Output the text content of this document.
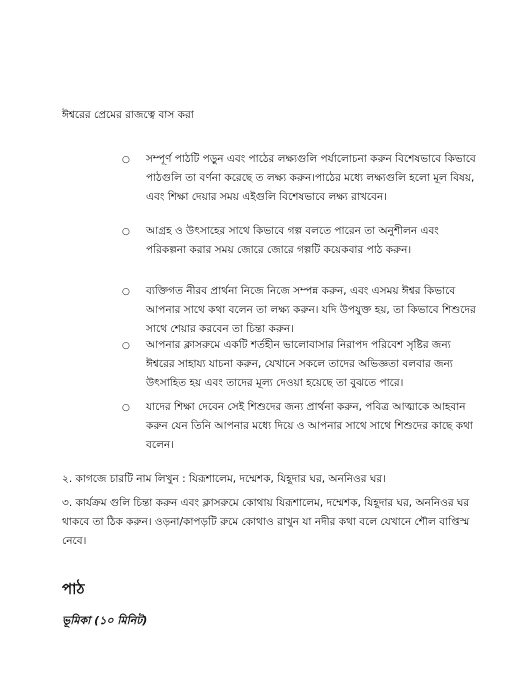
ঈশ্বরের প্রেমের রাজত্বে বাস করা
○ সম্পূর্ণ পাঠটি পড়ুন এবং পাঠের লক্ষ্যগুলি পর্যালোচনা করুন বিশেষভাবে কিভাবে পাঠগুলি তা বর্ণনা করেছে ত লক্ষ্য করুন।পাঠের মধ্যে লক্ষ্যগুলি হলো মূল বিষয়, এবং শিক্ষা দেয়ার সময় এইগুলি বিশেষভাবে লক্ষ্য রাখবেন।
○ আগ্রহ ও উৎসাহের সাথে কিভাবে গল্প বলতে পারেন তা অনুশীলন এবং পরিকল্পনা করার সময় জোরে জোরে গল্পটি কয়েকবার পাঠ করুন।
○ ব্যক্তিগত নীরব প্রার্থনা নিজে নিজে সম্পন্ন করুন, এবং এসময় ঈশ্বর কিভাবে আপনার সাথে কথা বলেন তা লক্ষ্য করুন। যদি উপযুক্ত হয়, তা কিভাবে শিশুদের সাথে শেয়ার করবেন তা চিন্তা করুন।
○ আপনার ক্লাসরুমে একটি শর্তহীন ভালোবাসার নিরাপদ পরিবেশ সৃষ্টির জন্য ঈশ্বরের সাহায্য যাচনা করুন, যেখানে সকলে তাদের অভিজ্ঞতা বলবার জন্য উৎসাহিত হয় এবং তাদের মূল্য দেওয়া হয়েছে তা বুঝতে পারে।
○ যাদের শিক্ষা দেবেন সেই শিশুদের জন্য প্রার্থনা করুন, পবিত্র আত্মাকে আহবান করুন যেন তিনি আপনার মধ্যে দিয়ে ও আপনার সাথে সাথে শিশুদের কাছে কথা বলেন।
২. কাগজে চারটি নাম লিখুন : যিরূশালেম, দম্মেশক, যিহূদার ঘর, অননিওর ঘর।
৩. কার্যক্রম গুলি চিন্তা করুন এবং ক্লাসরুমে কোথায় যিরূশালেম, দম্মেশক, যিহূদার ঘর, অননিওর ঘর থাকবে তা ঠিক করুন। ওড়না/কাপড়টি রুমে কোথাও রাখুন যা নদীর কথা বলে যেখানে শৌল বাপ্তিস্ম নেবে।
পাঠ
ভূমিকা (১০ মিনিট)
